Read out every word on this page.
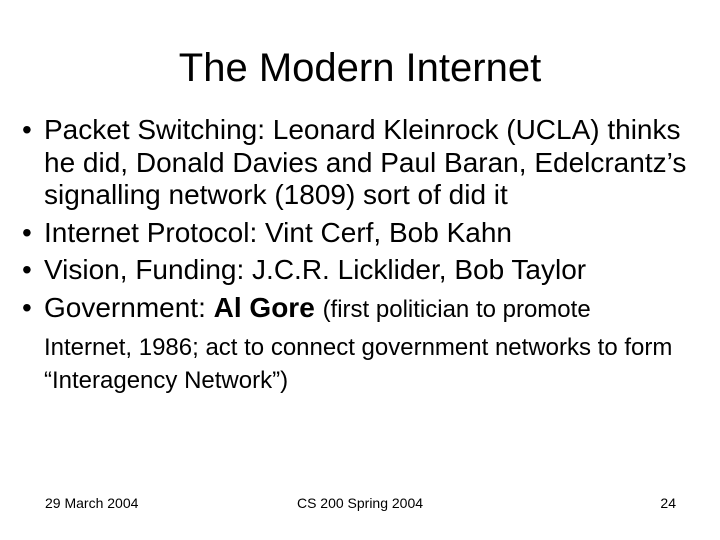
The Modern Internet
• Packet Switching: Leonard Kleinrock (UCLA) thinks he did, Donald Davies and Paul Baran, Edelcrantz’s signalling network (1809) sort of did it
• Internet Protocol: Vint Cerf, Bob Kahn
• Vision, Funding: J.C.R. Licklider, Bob Taylor
• Government: Al Gore (first politician to promote
Internet, 1986; act to connect government networks to form “Interagency Network”)
29 March 2004	CS 200 Spring 2004	24
